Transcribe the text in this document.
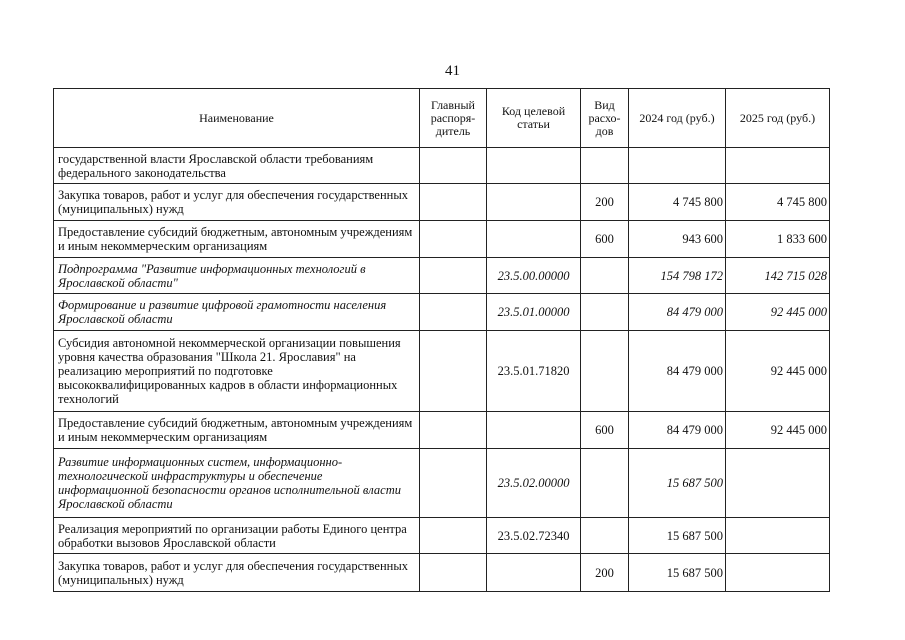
41
Наименование	Главный распоря-дитель	Код целевой статьи	Вид расхо-дов	2024 год (руб.)	2025 год (руб.)
государственной власти Ярославской области требованиям федерального законодательства					
Закупка товаров, работ и услуг для обеспечения государственных (муниципальных) нужд			200	4 745 800	4 745 800
Предоставление субсидий бюджетным, автономным учреждениям и иным некоммерческим организациям			600	943 600	1 833 600
Подпрограмма "Развитие информационных технологий в Ярославской области"		23.5.00.00000		154 798 172	142 715 028
Формирование и развитие цифровой грамотности населения Ярославской области		23.5.01.00000		84 479 000	92 445 000
Субсидия автономной некоммерческой организации повышения уровня качества образования "Школа 21. Ярославия" на реализацию мероприятий по подготовке высококвалифицированных кадров в области информационных технологий		23.5.01.71820		84 479 000	92 445 000
Предоставление субсидий бюджетным, автономным учреждениям и иным некоммерческим организациям			600	84 479 000	92 445 000
Развитие информационных систем, информационно-технологической инфраструктуры и обеспечение информационной безопасности органов исполнительной власти Ярославской области		23.5.02.00000		15 687 500	
Реализация мероприятий по организации работы Единого центра обработки вызовов Ярославской области		23.5.02.72340		15 687 500	
Закупка товаров, работ и услуг для обеспечения государственных (муниципальных) нужд			200	15 687 500	
